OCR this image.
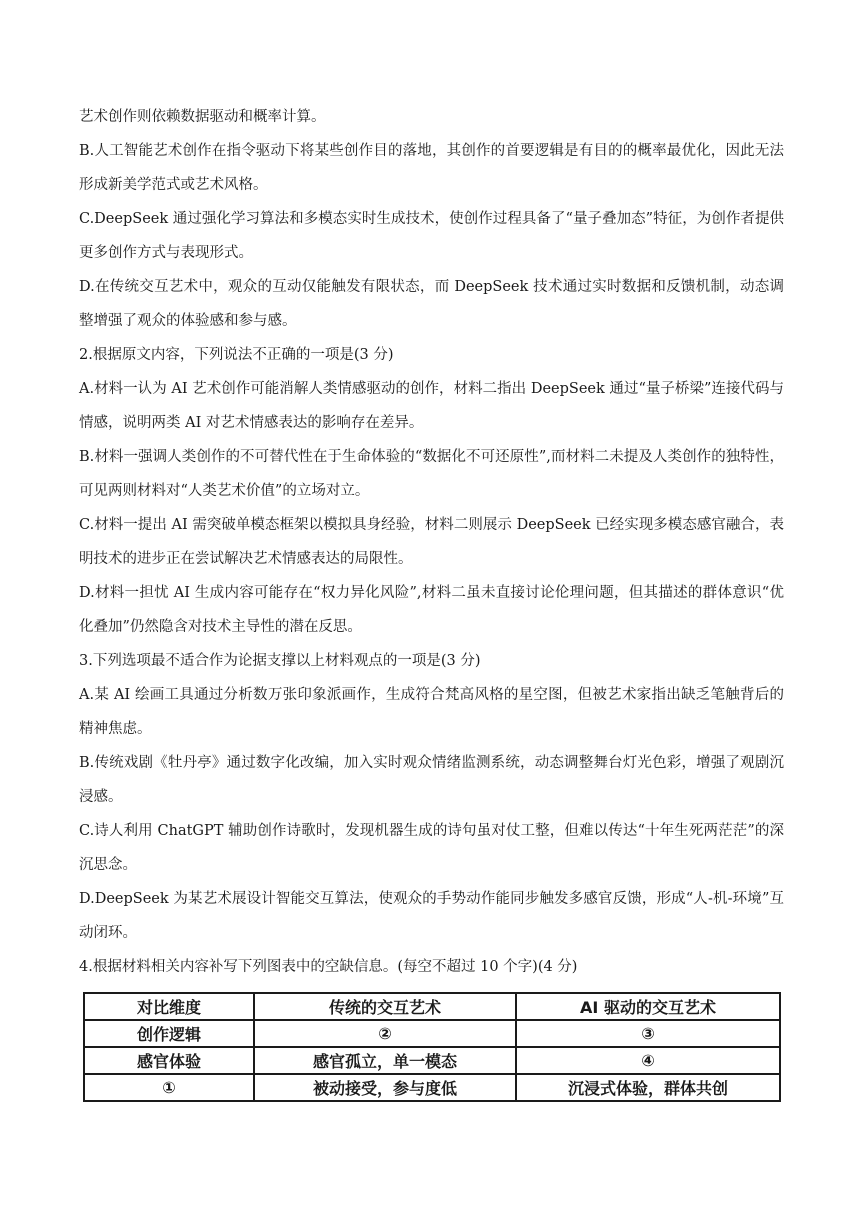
艺术创作则依赖数据驱动和概率计算。

B.人工智能艺术创作在指令驱动下将某些创作目的落地，其创作的首要逻辑是有目的的概率最优化，因此无法形成新美学范式或艺术风格。

C.DeepSeek 通过强化学习算法和多模态实时生成技术，使创作过程具备了“量子叠加态”特征，为创作者提供更多创作方式与表现形式。

D.在传统交互艺术中，观众的互动仅能触发有限状态，而 DeepSeek 技术通过实时数据和反馈机制，动态调整增强了观众的体验感和参与感。

2.根据原文内容，下列说法不正确的一项是(3 分)

A.材料一认为 AI 艺术创作可能消解人类情感驱动的创作，材料二指出 DeepSeek 通过“量子桥梁”连接代码与情感，说明两类 AI 对艺术情感表达的影响存在差异。

B.材料一强调人类创作的不可替代性在于生命体验的“数据化不可还原性”,而材料二未提及人类创作的独特性，可见两则材料对“人类艺术价值”的立场对立。

C.材料一提出 AI 需突破单模态框架以模拟具身经验，材料二则展示 DeepSeek 已经实现多模态感官融合，表明技术的进步正在尝试解决艺术情感表达的局限性。

D.材料一担忧 AI 生成内容可能存在“权力异化风险”,材料二虽未直接讨论伦理问题，但其描述的群体意识“优化叠加”仍然隐含对技术主导性的潜在反思。

3.下列选项最不适合作为论据支撑以上材料观点的一项是(3 分)

A.某 AI 绘画工具通过分析数万张印象派画作，生成符合梵高风格的星空图，但被艺术家指出缺乏笔触背后的精神焦虑。

B.传统戏剧《牡丹亭》通过数字化改编，加入实时观众情绪监测系统，动态调整舞台灯光色彩，增强了观剧沉浸感。

C.诗人利用 ChatGPT 辅助创作诗歌时，发现机器生成的诗句虽对仗工整，但难以传达“十年生死两茫茫”的深沉思念。

D.DeepSeek 为某艺术展设计智能交互算法，使观众的手势动作能同步触发多感官反馈，形成“人-机-环境”互动闭环。

4.根据材料相关内容补写下列图表中的空缺信息。(每空不超过 10 个字)(4 分)

对比维度	传统的交互艺术	AI 驱动的交互艺术
创作逻辑	②	③
感官体验	感官孤立，单一模态	④
①	被动接受，参与度低	沉浸式体验，群体共创
